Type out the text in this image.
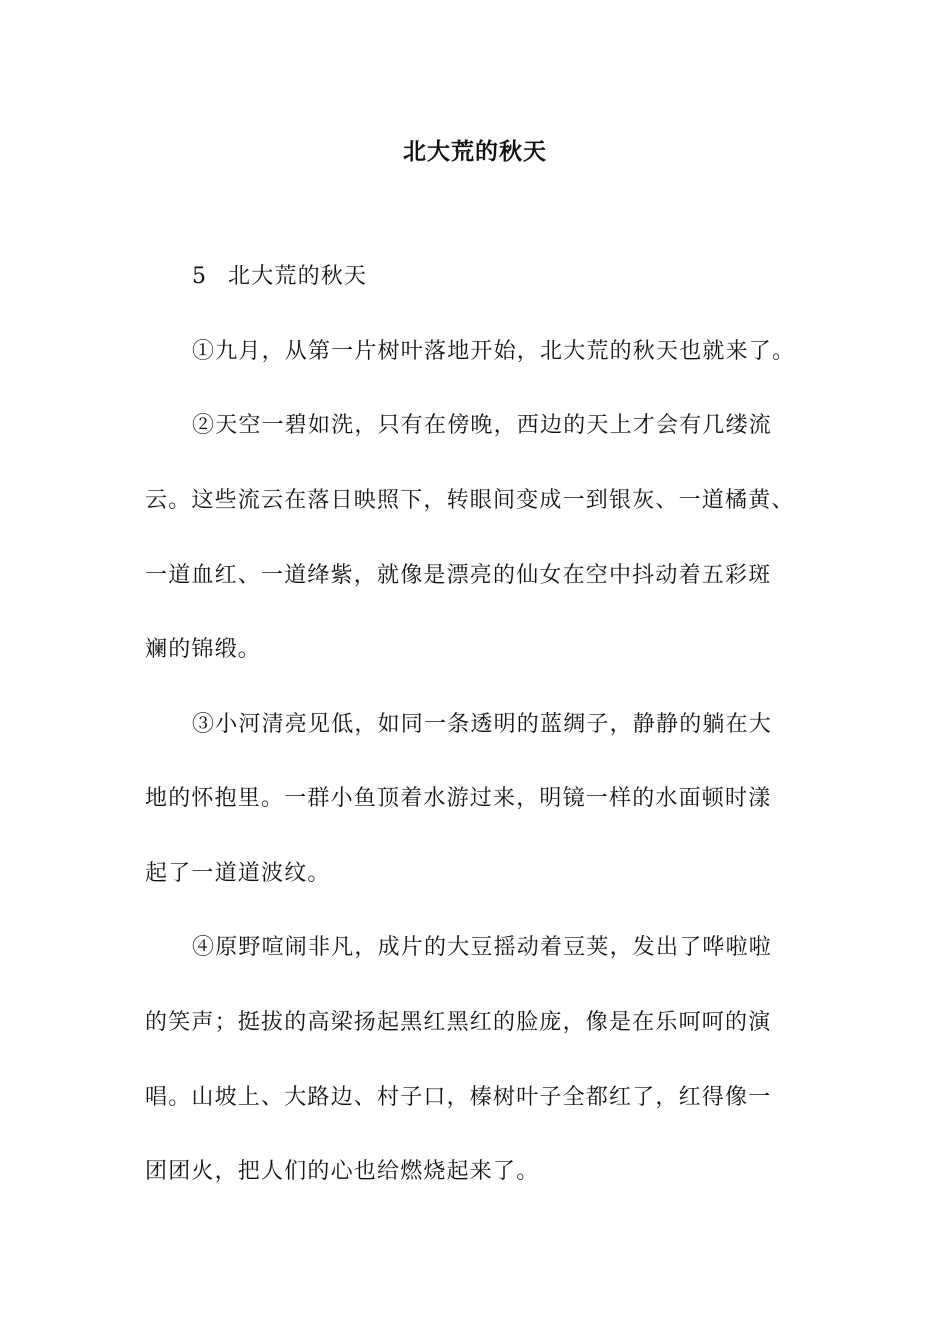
北大荒的秋天
5 北大荒的秋天
①九月，从第一片树叶落地开始，北大荒的秋天也就来了。
②天空一碧如洗，只有在傍晚，西边的天上才会有几缕流
云。这些流云在落日映照下，转眼间变成一到银灰、一道橘黄、
一道血红、一道绛紫，就像是漂亮的仙女在空中抖动着五彩斑
斓的锦缎。
③小河清亮见低，如同一条透明的蓝绸子，静静的躺在大
地的怀抱里。一群小鱼顶着水游过来，明镜一样的水面顿时漾
起了一道道波纹。
④原野喧闹非凡，成片的大豆摇动着豆荚，发出了哗啦啦
的笑声；挺拔的高梁扬起黑红黑红的脸庞，像是在乐呵呵的演
唱。山坡上、大路边、村子口，榛树叶子全都红了，红得像一
团团火，把人们的心也给燃烧起来了。
